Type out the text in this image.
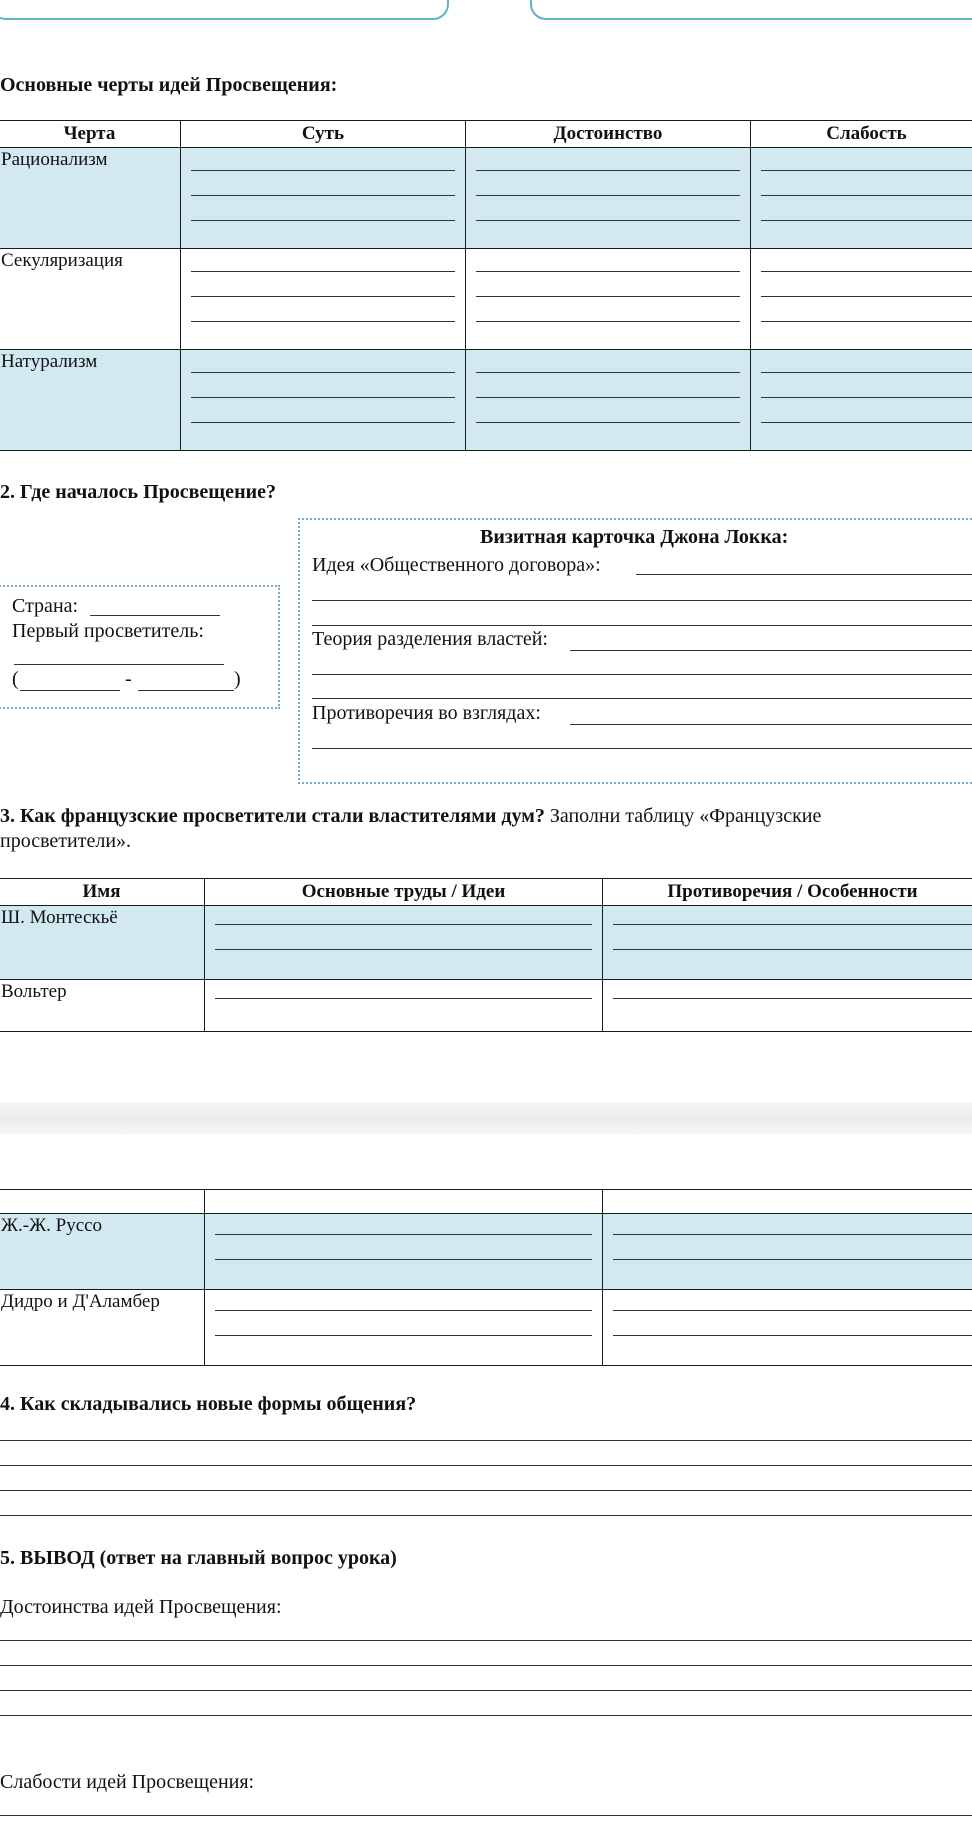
Основные черты идей Просвещения:
Черта	Суть	Достоинство	Слабость

Рационализм			

Секуляризация			

Натурализм			

2. Где началось Просвещение?
Страна:
Первый просветитель:
(	-	)
Визитная карточка Джона Локка:
Идея «Общественного договора»:
Теория разделения властей:
Противоречия во взглядах:
3. Как французские просветители стали властителями дум? Заполни таблицу «Французские
просветители».
Имя	Основные труды / Идеи	Противоречия / Особенности

Ш. Монтескьё		

Вольтер		

Ж.-Ж. Руссо		

Дидро и Д'Аламбер		

4. Как складывались новые формы общения?
5. ВЫВОД (ответ на главный вопрос урока)
Достоинства идей Просвещения:
Слабости идей Просвещения:
